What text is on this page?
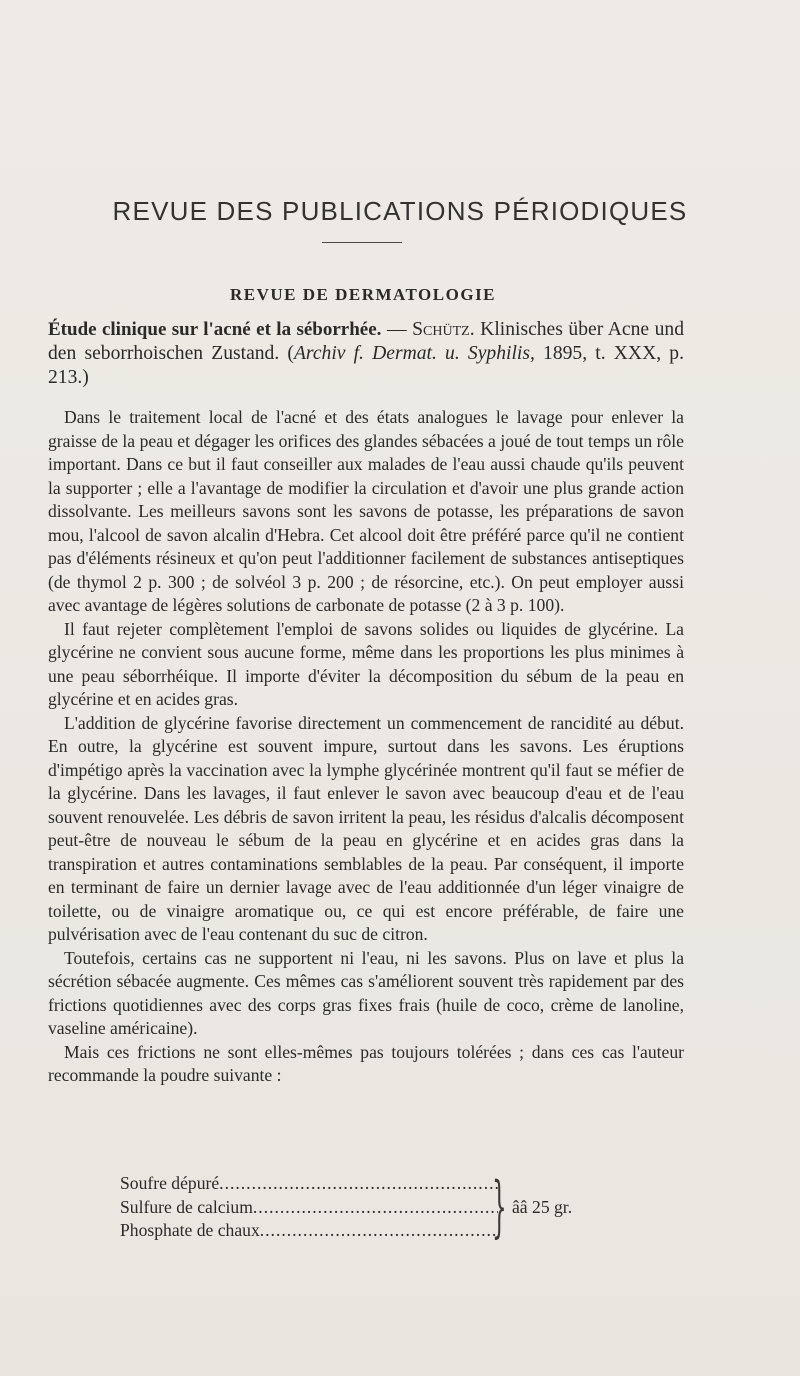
REVUE DES PUBLICATIONS PÉRIODIQUES
REVUE DE DERMATOLOGIE
Étude clinique sur l'acné et la séborrhée. — Schütz. Klinisches über Acne und den seborrhoischen Zustand. (Archiv f. Dermat. u. Syphilis, 1895, t. XXX, p. 213.)

Dans le traitement local de l'acné et des états analogues le lavage pour enlever la graisse de la peau et dégager les orifices des glandes sébacées a joué de tout temps un rôle important. Dans ce but il faut conseiller aux malades de l'eau aussi chaude qu'ils peuvent la supporter ; elle a l'avantage de modifier la circulation et d'avoir une plus grande action dissolvante. Les meilleurs savons sont les savons de potasse, les préparations de savon mou, l'alcool de savon alcalin d'Hebra. Cet alcool doit être préféré parce qu'il ne contient pas d'éléments résineux et qu'on peut l'additionner facilement de substances antiseptiques (de thymol 2 p. 300 ; de solvéol 3 p. 200 ; de résorcine, etc.). On peut employer aussi avec avantage de légères solutions de carbonate de potasse (2 à 3 p. 100).

Il faut rejeter complètement l'emploi de savons solides ou liquides de glycérine. La glycérine ne convient sous aucune forme, même dans les proportions les plus minimes à une peau séborrhéique. Il importe d'éviter la décomposition du sébum de la peau en glycérine et en acides gras.

L'addition de glycérine favorise directement un commencement de rancidité au début. En outre, la glycérine est souvent impure, surtout dans les savons. Les éruptions d'impétigo après la vaccination avec la lymphe glycérinée montrent qu'il faut se méfier de la glycérine. Dans les lavages, il faut enlever le savon avec beaucoup d'eau et de l'eau souvent renouvelée. Les débris de savon irritent la peau, les résidus d'alcalis décomposent peut-être de nouveau le sébum de la peau en glycérine et en acides gras dans la transpiration et autres contaminations semblables de la peau. Par conséquent, il importe en terminant de faire un dernier lavage avec de l'eau additionnée d'un léger vinaigre de toilette, ou de vinaigre aromatique ou, ce qui est encore préférable, de faire une pulvérisation avec de l'eau contenant du suc de citron.

Toutefois, certains cas ne supportent ni l'eau, ni les savons. Plus on lave et plus la sécrétion sébacée augmente. Ces mêmes cas s'améliorent souvent très rapidement par des frictions quotidiennes avec des corps gras fixes frais (huile de coco, crème de lanoline, vaseline américaine).

Mais ces frictions ne sont elles-mêmes pas toujours tolérées ; dans ces cas l'auteur recommande la poudre suivante :

Soufre dépuré
.....
Sulfure de calcium
.....
Phosphate de chaux
.....	} ââ 25 gr.
